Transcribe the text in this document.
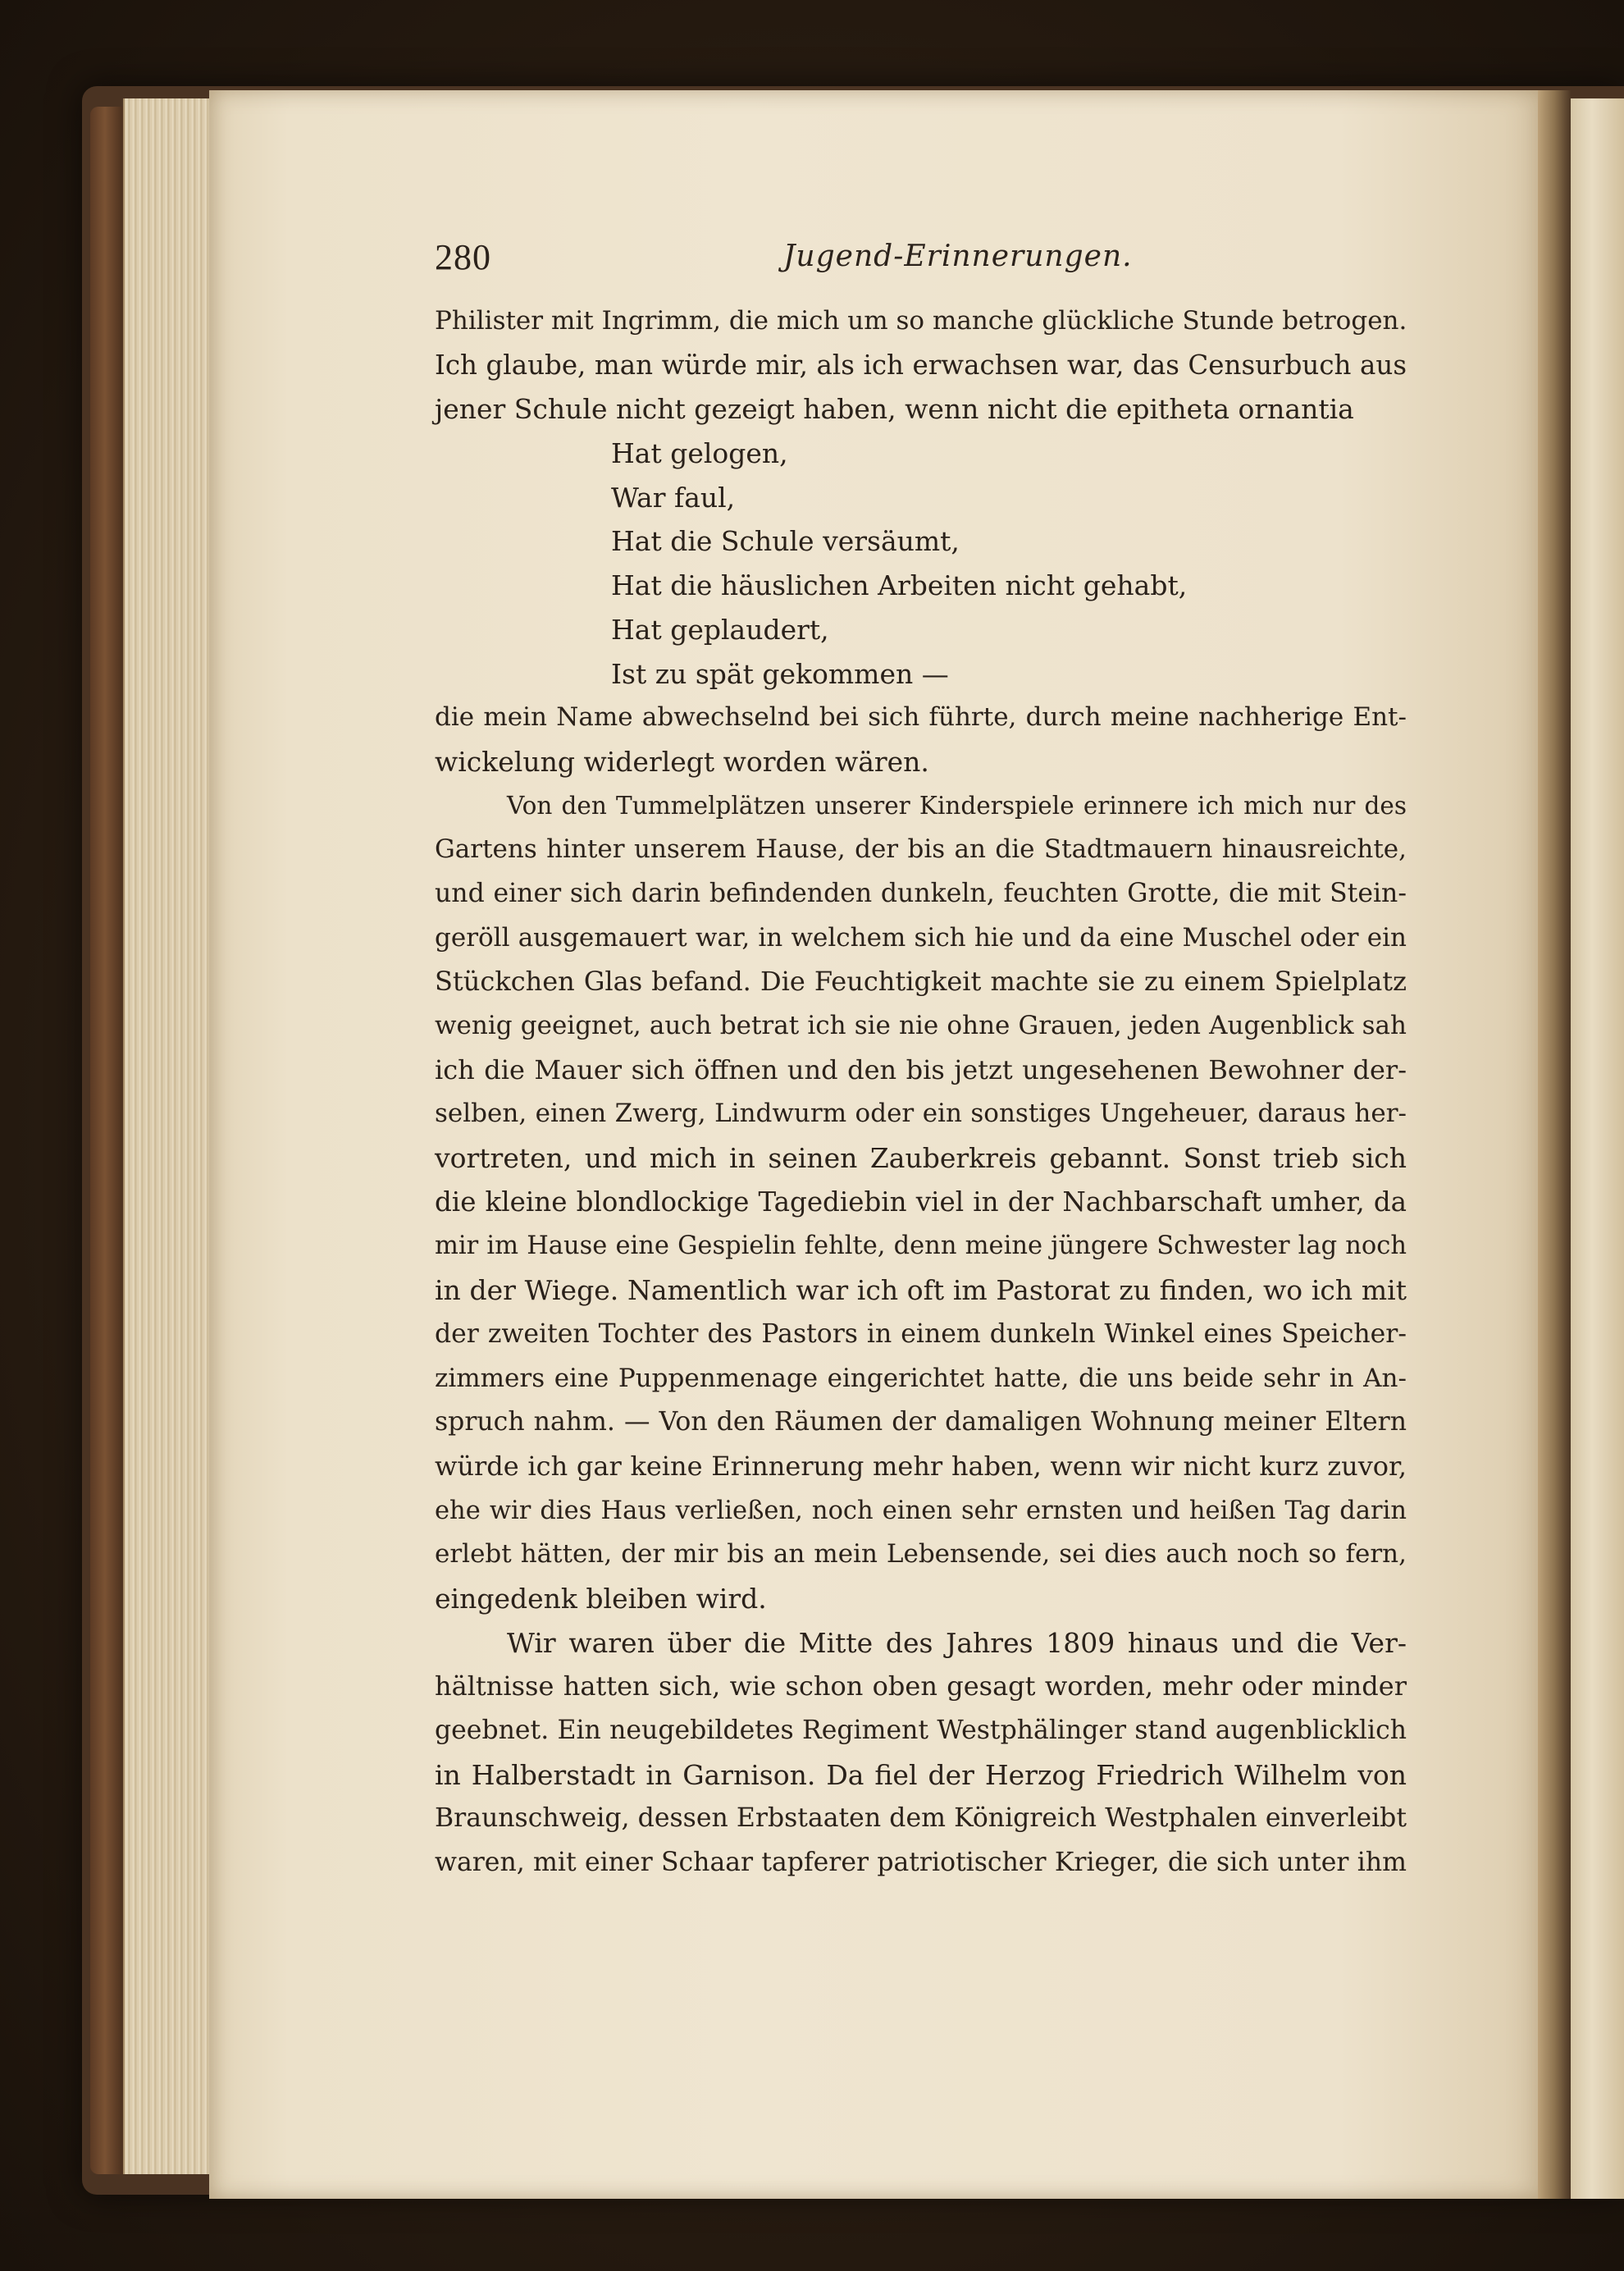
280	Jugend-Erinnerungen.
Philister mit Ingrimm, die mich um so manche glückliche Stunde betrogen.
Ich glaube, man würde mir, als ich erwachsen war, das Censurbuch aus
jener Schule nicht gezeigt haben, wenn nicht die epitheta ornantia
Hat gelogen,
War faul,
Hat die Schule versäumt,
Hat die häuslichen Arbeiten nicht gehabt,
Hat geplaudert,
Ist zu spät gekommen —
die mein Name abwechselnd bei sich führte, durch meine nachherige Ent-
wickelung widerlegt worden wären.
Von den Tummelplätzen unserer Kinderspiele erinnere ich mich nur des
Gartens hinter unserem Hause, der bis an die Stadtmauern hinausreichte,
und einer sich darin befindenden dunkeln, feuchten Grotte, die mit Stein-
geröll ausgemauert war, in welchem sich hie und da eine Muschel oder ein
Stückchen Glas befand. Die Feuchtigkeit machte sie zu einem Spielplatz
wenig geeignet, auch betrat ich sie nie ohne Grauen, jeden Augenblick sah
ich die Mauer sich öffnen und den bis jetzt ungesehenen Bewohner der-
selben, einen Zwerg, Lindwurm oder ein sonstiges Ungeheuer, daraus her-
vortreten, und mich in seinen Zauberkreis gebannt. Sonst trieb sich
die kleine blondlockige Tagediebin viel in der Nachbarschaft umher, da
mir im Hause eine Gespielin fehlte, denn meine jüngere Schwester lag noch
in der Wiege. Namentlich war ich oft im Pastorat zu finden, wo ich mit
der zweiten Tochter des Pastors in einem dunkeln Winkel eines Speicher-
zimmers eine Puppenmenage eingerichtet hatte, die uns beide sehr in An-
spruch nahm. — Von den Räumen der damaligen Wohnung meiner Eltern
würde ich gar keine Erinnerung mehr haben, wenn wir nicht kurz zuvor,
ehe wir dies Haus verließen, noch einen sehr ernsten und heißen Tag darin
erlebt hätten, der mir bis an mein Lebensende, sei dies auch noch so fern,
eingedenk bleiben wird.
Wir waren über die Mitte des Jahres 1809 hinaus und die Ver-
hältnisse hatten sich, wie schon oben gesagt worden, mehr oder minder
geebnet. Ein neugebildetes Regiment Westphälinger stand augenblicklich
in Halberstadt in Garnison. Da fiel der Herzog Friedrich Wilhelm von
Braunschweig, dessen Erbstaaten dem Königreich Westphalen einverleibt
waren, mit einer Schaar tapferer patriotischer Krieger, die sich unter ihm
